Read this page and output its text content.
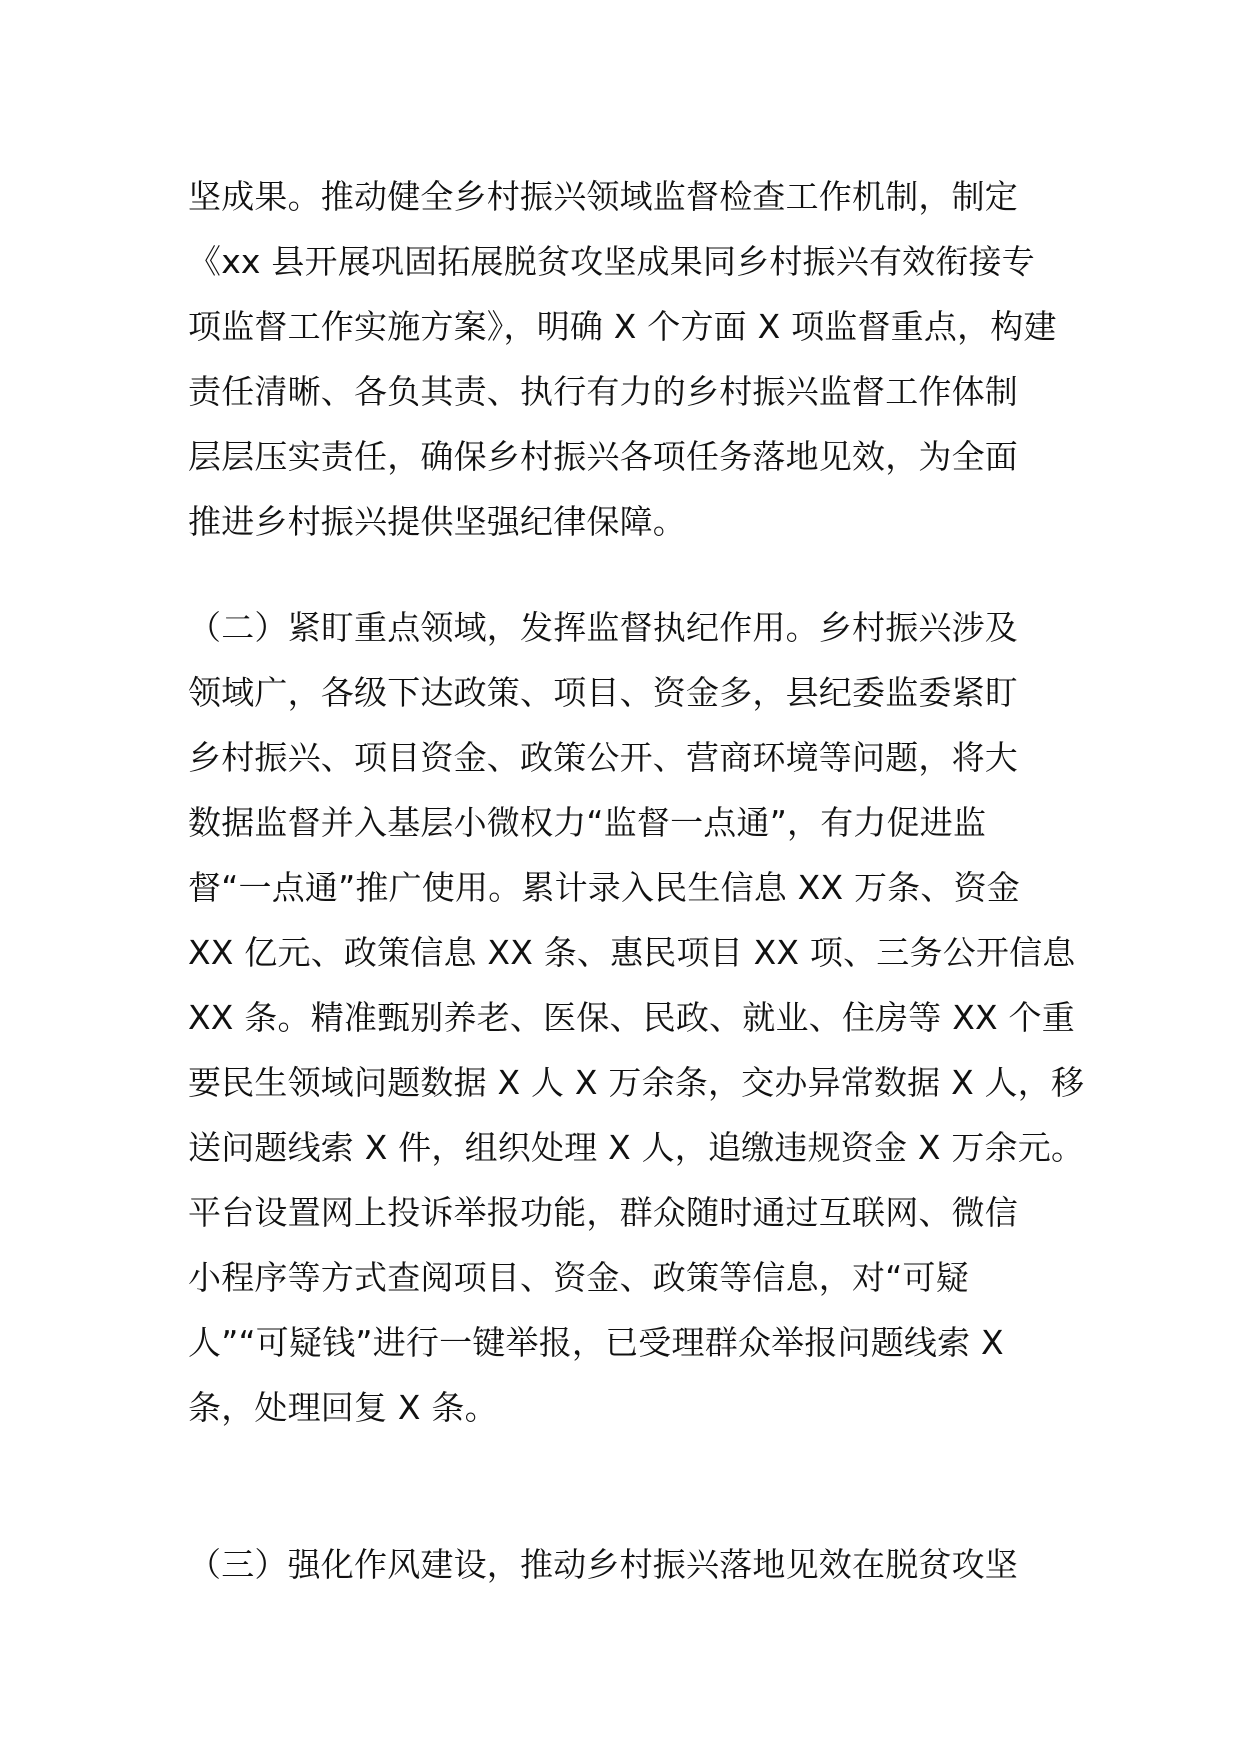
坚成果。推动健全乡村振兴领域监督检查工作机制，制定
《xx 县开展巩固拓展脱贫攻坚成果同乡村振兴有效衔接专
项监督工作实施方案》，明确 X 个方面 X 项监督重点，构建
责任清晰、各负其责、执行有力的乡村振兴监督工作体制
层层压实责任，确保乡村振兴各项任务落地见效，为全面
推进乡村振兴提供坚强纪律保障。
（二）紧盯重点领域，发挥监督执纪作用。乡村振兴涉及
领域广，各级下达政策、项目、资金多，县纪委监委紧盯
乡村振兴、项目资金、政策公开、营商环境等问题，将大
数据监督并入基层小微权力“监督一点通”，有力促进监
督“一点通”推广使用。累计录入民生信息 XX 万条、资金
XX 亿元、政策信息 XX 条、惠民项目 XX 项、三务公开信息
XX 条。精准甄别养老、医保、民政、就业、住房等 XX 个重
要民生领域问题数据 X 人 X 万余条，交办异常数据 X 人，移
送问题线索 X 件，组织处理 X 人，追缴违规资金 X 万余元。
平台设置网上投诉举报功能，群众随时通过互联网、微信
小程序等方式查阅项目、资金、政策等信息，对“可疑
人”“可疑钱”进行一键举报，已受理群众举报问题线索 X
条，处理回复 X 条。
（三）强化作风建设，推动乡村振兴落地见效在脱贫攻坚
